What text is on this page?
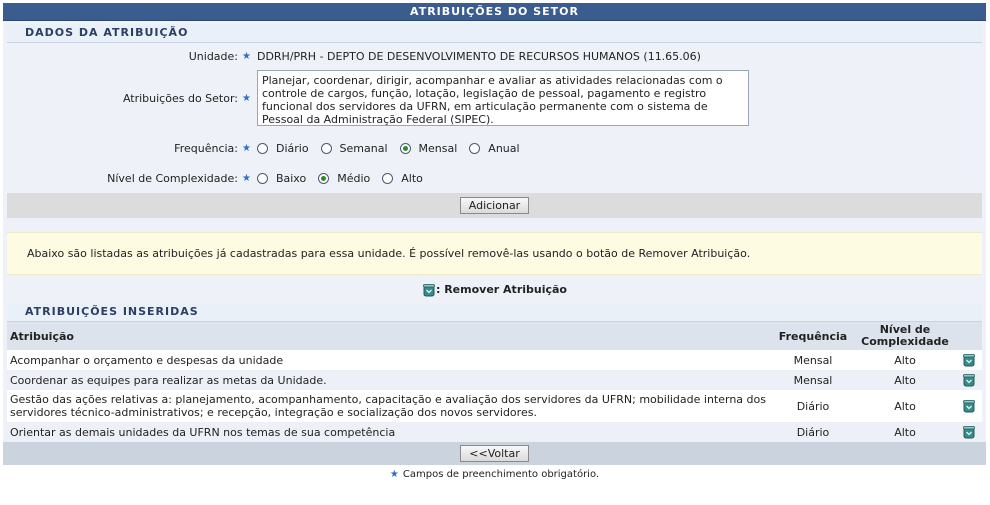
ATRIBUIÇÕES DO SETOR
DADOS DA ATRIBUIÇÃO
Unidade: ★ DDRH/PRH - DEPTO DE DESENVOLVIMENTO DE RECURSOS HUMANOS (11.65.06)
Atribuições do Setor: ★
Planejar, coordenar, dirigir, acompanhar e avaliar as atividades relacionadas com o controle de cargos, função, lotação, legislação de pessoal, pagamento e registro funcional dos servidores da UFRN, em articulação permanente com o sistema de Pessoal da Administração Federal (SIPEC).
Frequência: ★ Diário	Semanal	Mensal	Anual
Nível de Complexidade: ★ Baixo	Médio	Alto
Adicionar
Abaixo são listadas as atribuições já cadastradas para essa unidade. É possível removê-las usando o botão de Remover Atribuição.
: Remover Atribuição
ATRIBUIÇÕES INSERIDAS
Atribuição	Frequência	Nível de Complexidade	
Acompanhar o orçamento e despesas da unidade	Mensal	Alto	
Coordenar as equipes para realizar as metas da Unidade.	Mensal	Alto	
Gestão das ações relativas a: planejamento, acompanhamento, capacitação e avaliação dos servidores da UFRN; mobilidade interna dos servidores técnico-administrativos; e recepção, integração e socialização dos novos servidores.	Diário	Alto	
Orientar as demais unidades da UFRN nos temas de sua competência	Diário	Alto	
<<Voltar
★ Campos de preenchimento obrigatório.
